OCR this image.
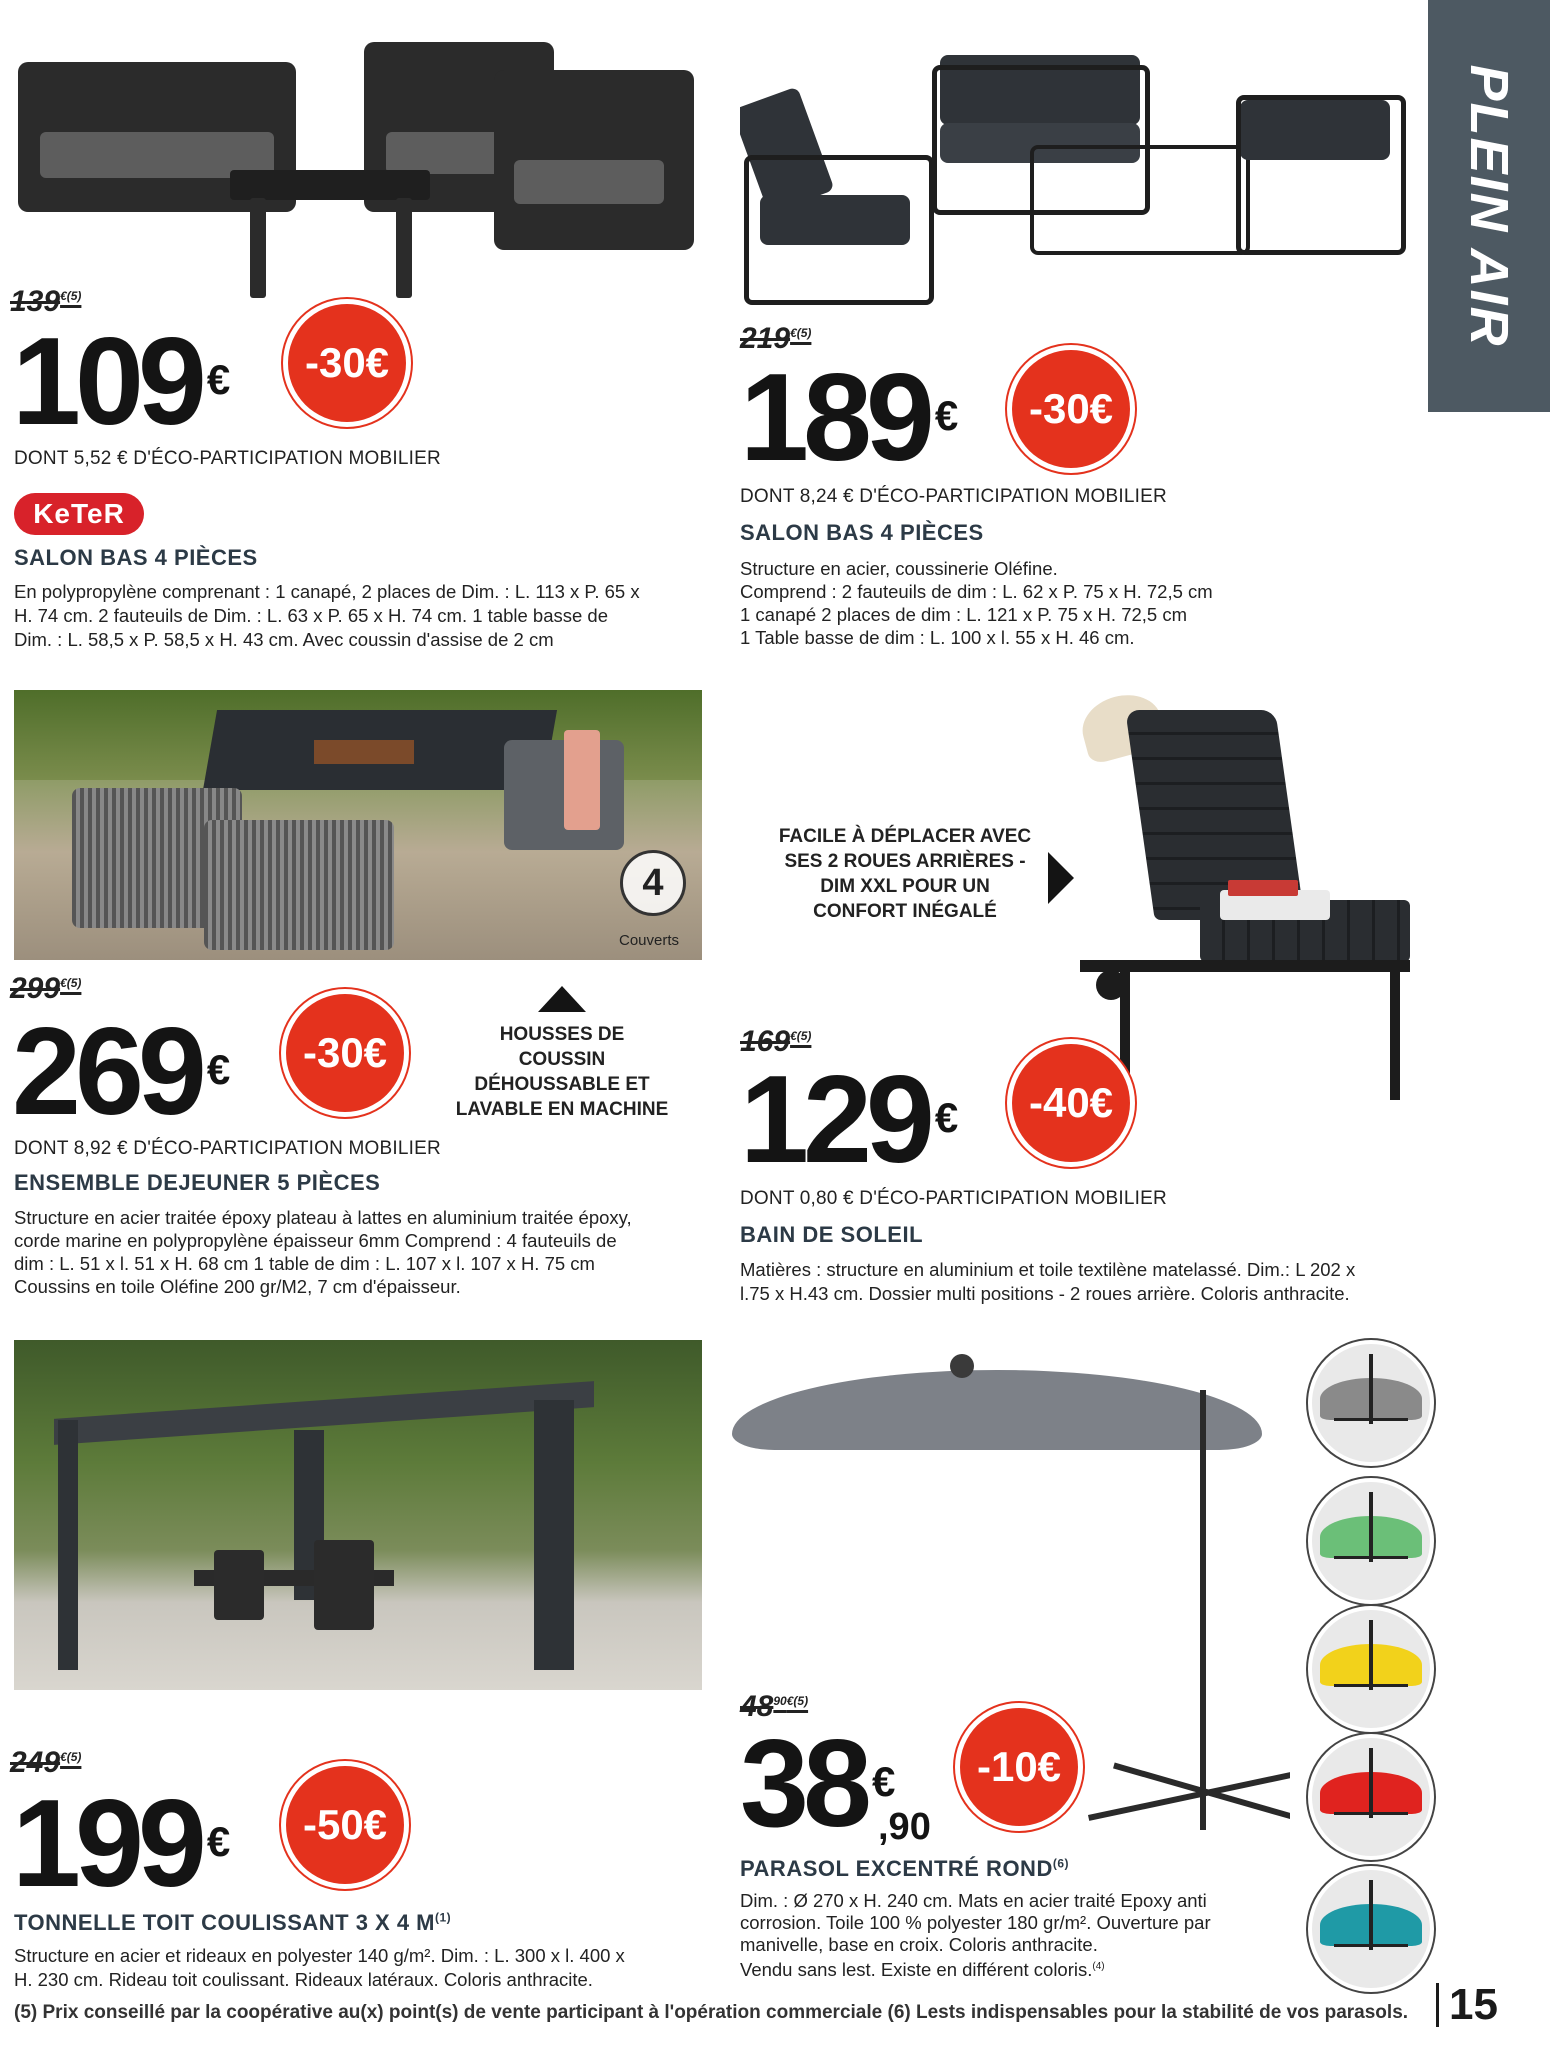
PLEIN AIR
$139^{€(5)}$
109 €	-30€
DONT 5,52 € D'ÉCO-PARTICIPATION MOBILIER
KeTeR
SALON BAS 4 PIÈCES
En polypropylène comprenant : 1 canapé, 2 places de Dim. : L. 113 x P. 65 x
H. 74 cm. 2 fauteuils de Dim. : L. 63 x P. 65 x H. 74 cm. 1 table basse de
Dim. : L. 58,5 x P. 58,5 x H. 43 cm. Avec coussin d'assise de 2 cm
$219^{€(5)}$
189 €	-30€
DONT 8,24 € D'ÉCO-PARTICIPATION MOBILIER
SALON BAS 4 PIÈCES
Structure en acier, coussinerie Oléfine.
Comprend : 2 fauteuils de dim : L. 62 x P. 75 x H. 72,5 cm
1 canapé 2 places de dim : L. 121 x P. 75 x H. 72,5 cm
1 Table basse de dim : L. 100 x l. 55 x H. 46 cm.
4
Couverts
$299^{€(5)}$
269 €	-30€	HOUSSES DE COUSSIN
DÉHOUSSABLE ET
LAVABLE EN MACHINE
DONT 8,92 € D'ÉCO-PARTICIPATION MOBILIER
ENSEMBLE DEJEUNER 5 PIÈCES
Structure en acier traitée époxy plateau à lattes en aluminium traitée époxy,
corde marine en polypropylène épaisseur 6mm Comprend : 4 fauteuils de
dim : L. 51 x l. 51 x H. 68 cm 1 table de dim : L. 107 x l. 107 x H. 75 cm
Coussins en toile Oléfine 200 gr/M2, 7 cm d'épaisseur.
FACILE À DÉPLACER AVEC
SES 2 ROUES ARRIÈRES -
DIM XXL POUR UN
CONFORT INÉGALÉ
$169^{€(5)}$
129 €	-40€
DONT 0,80 € D'ÉCO-PARTICIPATION MOBILIER
BAIN DE SOLEIL
Matières : structure en aluminium et toile textilène matelassé. Dim.: L 202 x
l.75 x H.43 cm. Dossier multi positions - 2 roues arrière. Coloris anthracite.
$249^{€(5)}$
199 €	-50€
TONNELLE TOIT COULISSANT 3 X 4 $M^{(1)}$
Structure en acier et rideaux en polyester 140 g/m². Dim. : L. 300 x l. 400 x
H. 230 cm. Rideau toit coulissant. Rideaux latéraux. Coloris anthracite.
$48^{90€(5)}$
38 €
,90
-10€
PARASOL EXCENTRÉ ROND$^{(6)}$
Dim. : Ø 270 x H. 240 cm. Mats en acier traité Epoxy anti
corrosion. Toile 100 % polyester 180 gr/m². Ouverture par
manivelle, base en croix. Coloris anthracite.
Vendu sans lest. Existe en différent coloris.$^{(4)}$
(5) Prix conseillé par la coopérative au(x) point(s) de vente participant à l'opération commerciale (6) Lests indispensables pour la stabilité de vos parasols. 15
